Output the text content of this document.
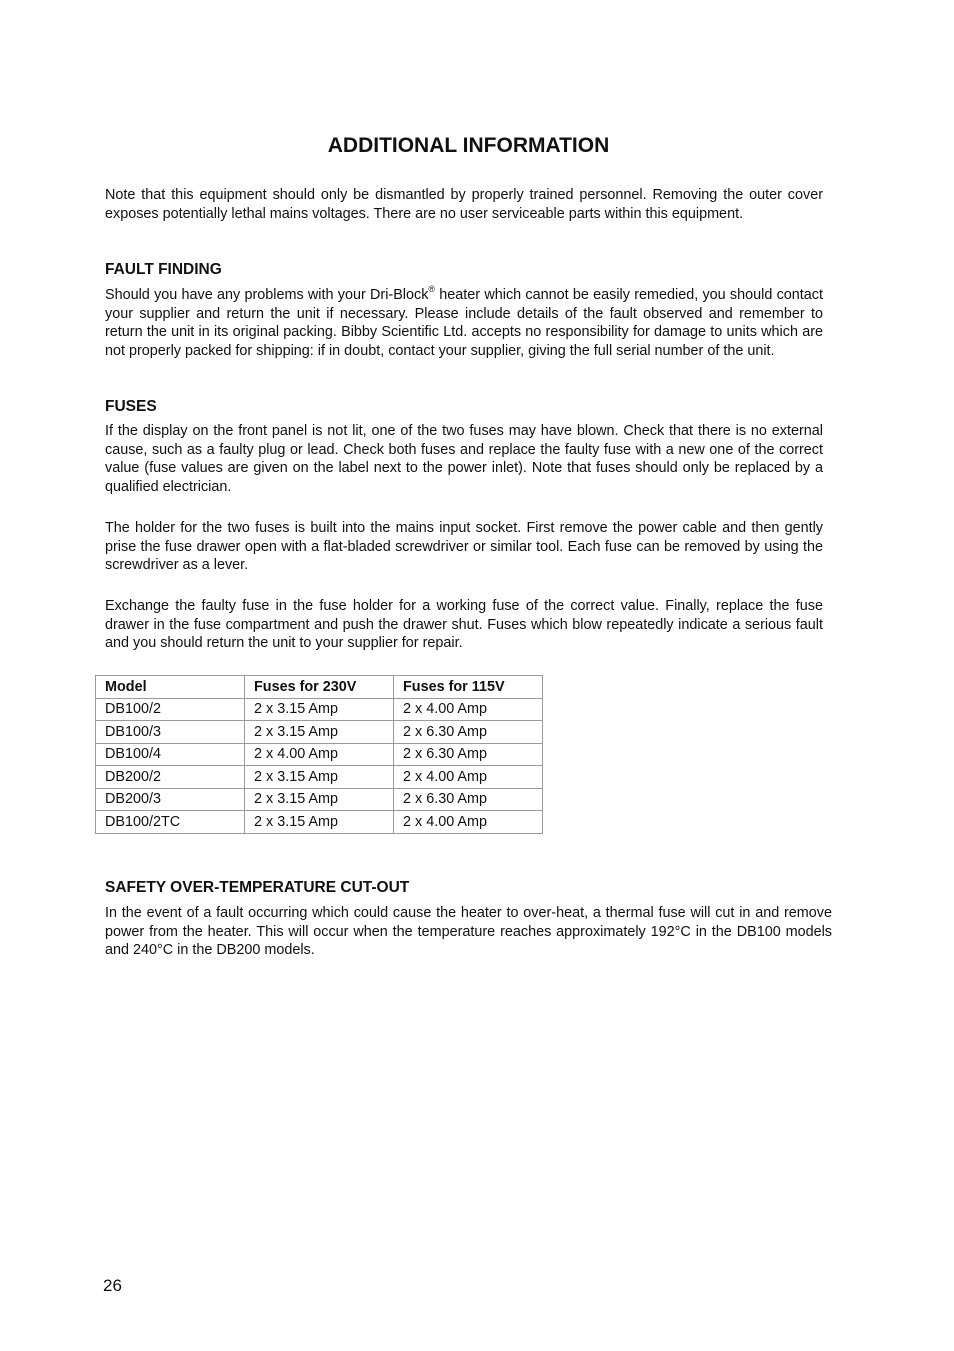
ADDITIONAL INFORMATION

Note that this equipment should only be dismantled by properly trained personnel. Removing the outer cover exposes potentially lethal mains voltages. There are no user serviceable parts within this equipment.

FAULT FINDING

Should you have any problems with your Dri-Block® heater which cannot be easily remedied, you should contact your supplier and return the unit if necessary. Please include details of the fault observed and remember to return the unit in its original packing. Bibby Scientific Ltd. accepts no responsibility for damage to units which are not properly packed for shipping: if in doubt, contact your supplier, giving the full serial number of the unit.

FUSES

If the display on the front panel is not lit, one of the two fuses may have blown. Check that there is no external cause, such as a faulty plug or lead. Check both fuses and replace the faulty fuse with a new one of the correct value (fuse values are given on the label next to the power inlet). Note that fuses should only be replaced by a qualified electrician.

The holder for the two fuses is built into the mains input socket. First remove the power cable and then gently prise the fuse drawer open with a flat-bladed screwdriver or similar tool. Each fuse can be removed by using the screwdriver as a lever.

Exchange the faulty fuse in the fuse holder for a working fuse of the correct value. Finally, replace the fuse drawer in the fuse compartment and push the drawer shut. Fuses which blow repeatedly indicate a serious fault and you should return the unit to your supplier for repair.

Model	Fuses for 230V	Fuses for 115V
DB100/2	2 x 3.15 Amp	2 x 4.00 Amp
DB100/3	2 x 3.15 Amp	2 x 6.30 Amp
DB100/4	2 x 4.00 Amp	2 x 6.30 Amp
DB200/2	2 x 3.15 Amp	2 x 4.00 Amp
DB200/3	2 x 3.15 Amp	2 x 6.30 Amp
DB100/2TC	2 x 3.15 Amp	2 x 4.00 Amp
SAFETY OVER-TEMPERATURE CUT-OUT

In the event of a fault occurring which could cause the heater to over-heat, a thermal fuse will cut in and remove power from the heater. This will occur when the temperature reaches approximately 192°C in the DB100 models and 240°C in the DB200 models.

26
